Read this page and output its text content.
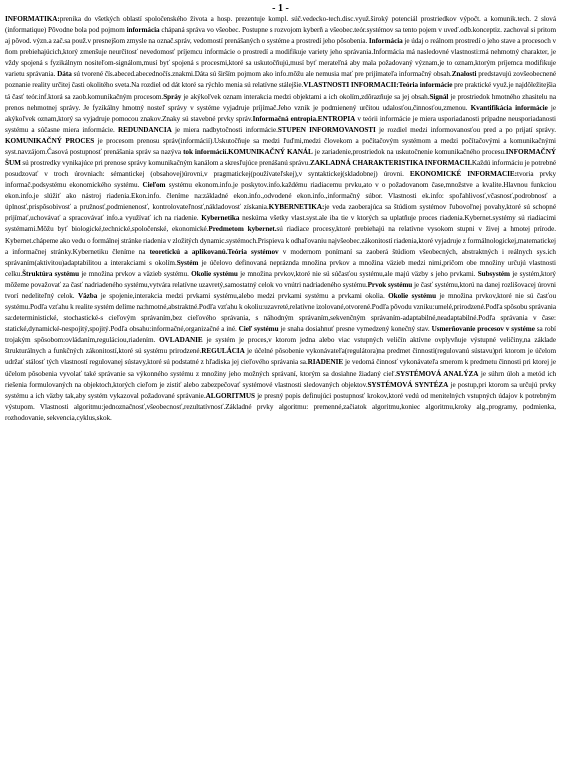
- 1 -

INFORMATIKA:prenika do všetkých oblastí spoločenského života a hosp. prezentuje kompl. súč.vedecko-tech.disc.využ.široký potenciál prostriedkov výpočt. a komunik.tech. 2 slová (informatique) Pôvodne bola pod pojmom informácia chápaná správa vo všeobec. Postupne s rozvojom kyberň a všeobec.teór.systémov sa tento pojem v uveď.odb.konceptiz. zachoval si pritom aj pôvod. význ.a zač.sa použ.v presnejšom zmysle na označ.správ, vedomostí prenášaných o systéme a prostredí jeho pôsobenia. Informácia je údaj o reálnom prostredí o jeho stave a procesoch v ňom prebiehajúcich,ktorý zmenšuje neurčitosť nevedomosť príjemcu informácie o prostredí a modifikuje variety jeho správania.Informácia má nasledovné vlastnosti:má nehmotný charakter, je vždy spojená s fyzikálnym nositeľom-signálom,musí byť spojená s procesmi,ktoré sa uskutočňujú,musí byť merateľná aby mala požadovaný význam,je to oznam,ktorým príjemca modifikuje varietu správania. Dáta sú tvorené čís.abeced.abecednočís.znakmi.Dáta sú širším pojmom ako info.môžu ale nemusia mať pre prijímateľa informačný obsah.Znalosti predstavujú zovšeobecnené poznanie reality určitej časti okolitého sveta.Na rozdiel od dát ktoré sa rýchlo menia sú relatívne stálejšie.VLASTNOSTI INFORMACII:Teória informácie pre praktické využ.je najdôležitejšia tá časť teór.inf.ktorá sa zaob.komunikačným procesom.Spráy je akýkoľvek oznam interakcia medzi objektami a ich okolím,zdôrazňuje sa jej obsah.Signál je prostriedok hmotného zhasitelu na prenos nehmotnej správy. Je fyzikálny hmotný nosteľ správy v systéme vyjadruje príjímač.Jeho vznik je podmienený určitou udalosťou,činnosťou,zmenou. Kvantifikácia informácie je akýkoľvek oznam,ktorý sa vyjadruje pomocou znakov.Znaky sú stavebné prvky správ.Informačná entropia.ENTROPIA v teórii informácie je miera usporiadanosti prípadne neusporiadanosti systému a súčasne miera informácie. REDUNDANCIA je miera nadbytočnosti informácie.STUPEN INFORMOVANOSTI je rozdiel medzi informovanosťou pred a po prijatí správy. KOMUNIKAČNÝ PROCES je procesom prenosu správ(informácií).Uskutočňuje sa medzi ľuďmi,medzi človekom a počítačovým systémom a medzi počítačovými a komunikačnými syst.navzájom.Časová postupnosť prenášania správ sa nazýva tok informácií.KOMUNIKAČNÝ KANÁL je zariadenie,prostriedok na uskutočnenie komunikačného procesu.INFORMAČNÝ ŠUM sú prostredky vynikajúce pri prenose správy komunikačným kanálom a skresľujúce prenášanú správu.ZAKLADNÁ CHARAKTERISTIKA INFORMACII.Každú informáciu je potrebné posudzovať v troch úrovniach: sémantickej (obsahovej)úrovni,v pragmatickej(používateľskej),v syntaktickej(skladobnej) úrovni. EKONOMICKÉ INFORMACIE:tvoria prvky informač.podsystému ekonomického systému. Cieľom systému ekonom.info.je poskytov.info.každému riadiacemu prvku,ato v o požadovanom čase,množstve a kvalite.Hlavnou funkciou ekon.info.je slúžiť ako nástroj riadenia.Ekon.info. členíme na:základné ekon.info.,odvodené ekon.info.,informačný súbor. Vlastnosti ek.info: spoľahlivosť,včasnosť,podrobnosť a úplnosť,prispôsobivosť a pružnosť,podmienenosť, kontrolovateľnosť,nákladovosť získania.KYBERNETIKA:je veda zaoberajúca sa štúdiom systémov ľubovoľnej povahy,ktoré sú schopné prijímať,uchovávať a spracovávať info.a využívať ich na riadenie. Kybernetika neskúma všetky vlast.syst.ale iba tie v ktorých sa uplatňuje proces riadenia.Kybernet.systémy sú riadiacimi systémami.Môžu byť biologické,technické,spoločenské, ekonomické.Predmetom kybernet.sú riadiace procesy,ktoré prebiehajú na relatívne vysokom stupni v živej a hmotej prírode. Kybernet.chápeme ako vedu o formálnej stránke riadenia v zložitých dynamic.systémoch.Prispieva k odhaľovaniu najvšeobec.zákonitostí riadenia,ktoré vyjadruje z formálnologickej,matematickej a informačnej stránky.Kybernetiku členíme na teoretickú a aplikovanú.Teória systémov v modernom ponímaní sa zaoberá štúdiom všeobecných, abstraktných i reálnych sys.ich správaním(aktivitou)adaptabilitou a interakciami s okolím.Systém je účelovo definovaná nepráznda množina prvkov a množina väzieb medzi nimi,pričom obe množiny určujú vlastnosti celku.Štruktúra systému je množina prvkov a väzieb systému. Okolie systému je množina prvkov,ktoré nie sú súčasťou systému,ale majú väzby s jeho prvkami. Subsystém je systém,ktorý môžeme považovať za časť nadriadeného systému,vytvára relatívne uzavretý,samostatný celok vo vnútri nadriadeného systému.Prvok systému je časť systému,ktorú na danej rozlišovacej úrovni tvorí nedeliteľný celok. Väzba je spojenie,interakcia medzi prvkami systému,alebo medzi prvkami systému a prvkami okolia. Okolie systému je množina prvkov,ktoré nie sú časťou systému.Podľa vzťahu k realite systém delíme na:hmotné,abstraktné.Podľa vzťahu k okoliu:uzavreté,relatívne izolované,otvorené.Podľa pôvodu vzniku:umelé,prirodzené.Podľa spôsobu správania sa:deterministické, stochastické-s cieľovým správaním,bez cieľového správania, s náhodným správaním,sekvenčným správaním-adaptabilné,neadaptabilné.Podľa správania v čase: statické,dynamické-nespojitý,spojitý.Podľa obsahu:informačné,organizačné a iné. Cieľ systému je snaha dosiahnuť presne vymedzený konečný stav. Usmerňovanie procesov v systéme sa robí trojakým spôsobom:ovládaním,reguláciou,riadením. OVLADANIE je systém je proces,v ktorom jedna alebo viac vstupných veličín aktívne ovplyvňuje výstupné veličiny,na základe štrukturálnych a funkčných zákonitostí,ktoré sú systému prirodzené.REGULÁCIA je účelné pôsobenie vykonávateľa(regulátora)na predmet činnosti(regulovanú sústavu)pri ktorom je účelom udržať stálosť tých vlastností regulovanej sústavy,ktoré sú podstatné z hľadiska jej cieľového správania sa.RIADENIE je vedomá činnosť vykonávateľa smerom k predmetu činnosti pri ktorej je účelom pôsobenia vyvolať také správanie sa výkonného systému z množiny jeho možných správaní, ktorým sa dosiahne žiadaný cieľ.SYSTÉMOVÁ ANALÝZA je súhrn úloh a metód ich riešenia formulovaných na objektoch,ktorých cieľom je zistiť alebo zabezpečovať systémové vlastnosti sledovaných objektov.SYSTÉMOVÁ SYNTÉZA je postup,pri ktorom sa určujú prvky systému a ich väzby tak,aby systém vykazoval požadované správanie.ALGORITMUS je presný popis definujúci postupnosť krokov,ktoré vedú od menitelných vstupných údajov k potrebným výstupom. Vlastnosti algoritmu:jednoznačnosť,všeobecnosť,rezultatívnosť.Základné prvky algoritmu: premenné,začiatok algoritmu,koniec algoritmu,kroky alg.,programy, podmienka, rozhodovanie, sekvencia,cyklus,skok.
